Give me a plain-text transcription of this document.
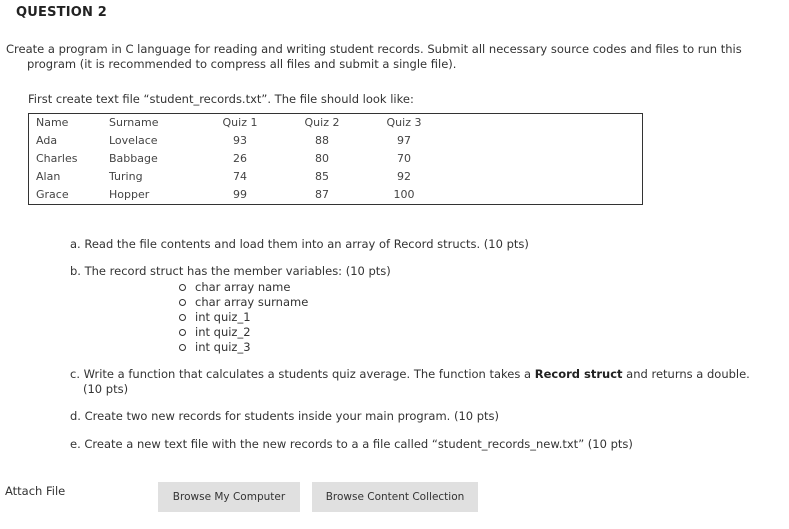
QUESTION 2
Create a program in C language for reading and writing student records. Submit all necessary source codes and files to run this
program (it is recommended to compress all files and submit a single file).
First create text file “student_records.txt”. The file should look like:
Name	Surname	Quiz 1	Quiz 2	Quiz 3	
Ada	Lovelace	93	88	97	
Charles	Babbage	26	80	70	
Alan	Turing	74	85	92	
Grace	Hopper	99	87	100	
a. Read the file contents and load them into an array of Record structs. (10 pts)
b. The record struct has the member variables: (10 pts)
char array name
char array surname
int quiz_1
int quiz_2
int quiz_3
c. Write a function that calculates a students quiz average. The function takes a Record struct and returns a double.
(10 pts)
d. Create two new records for students inside your main program. (10 pts)
e. Create a new text file with the new records to a a file called “student_records_new.txt” (10 pts)
Attach File	Browse My Computer	Browse Content Collection
